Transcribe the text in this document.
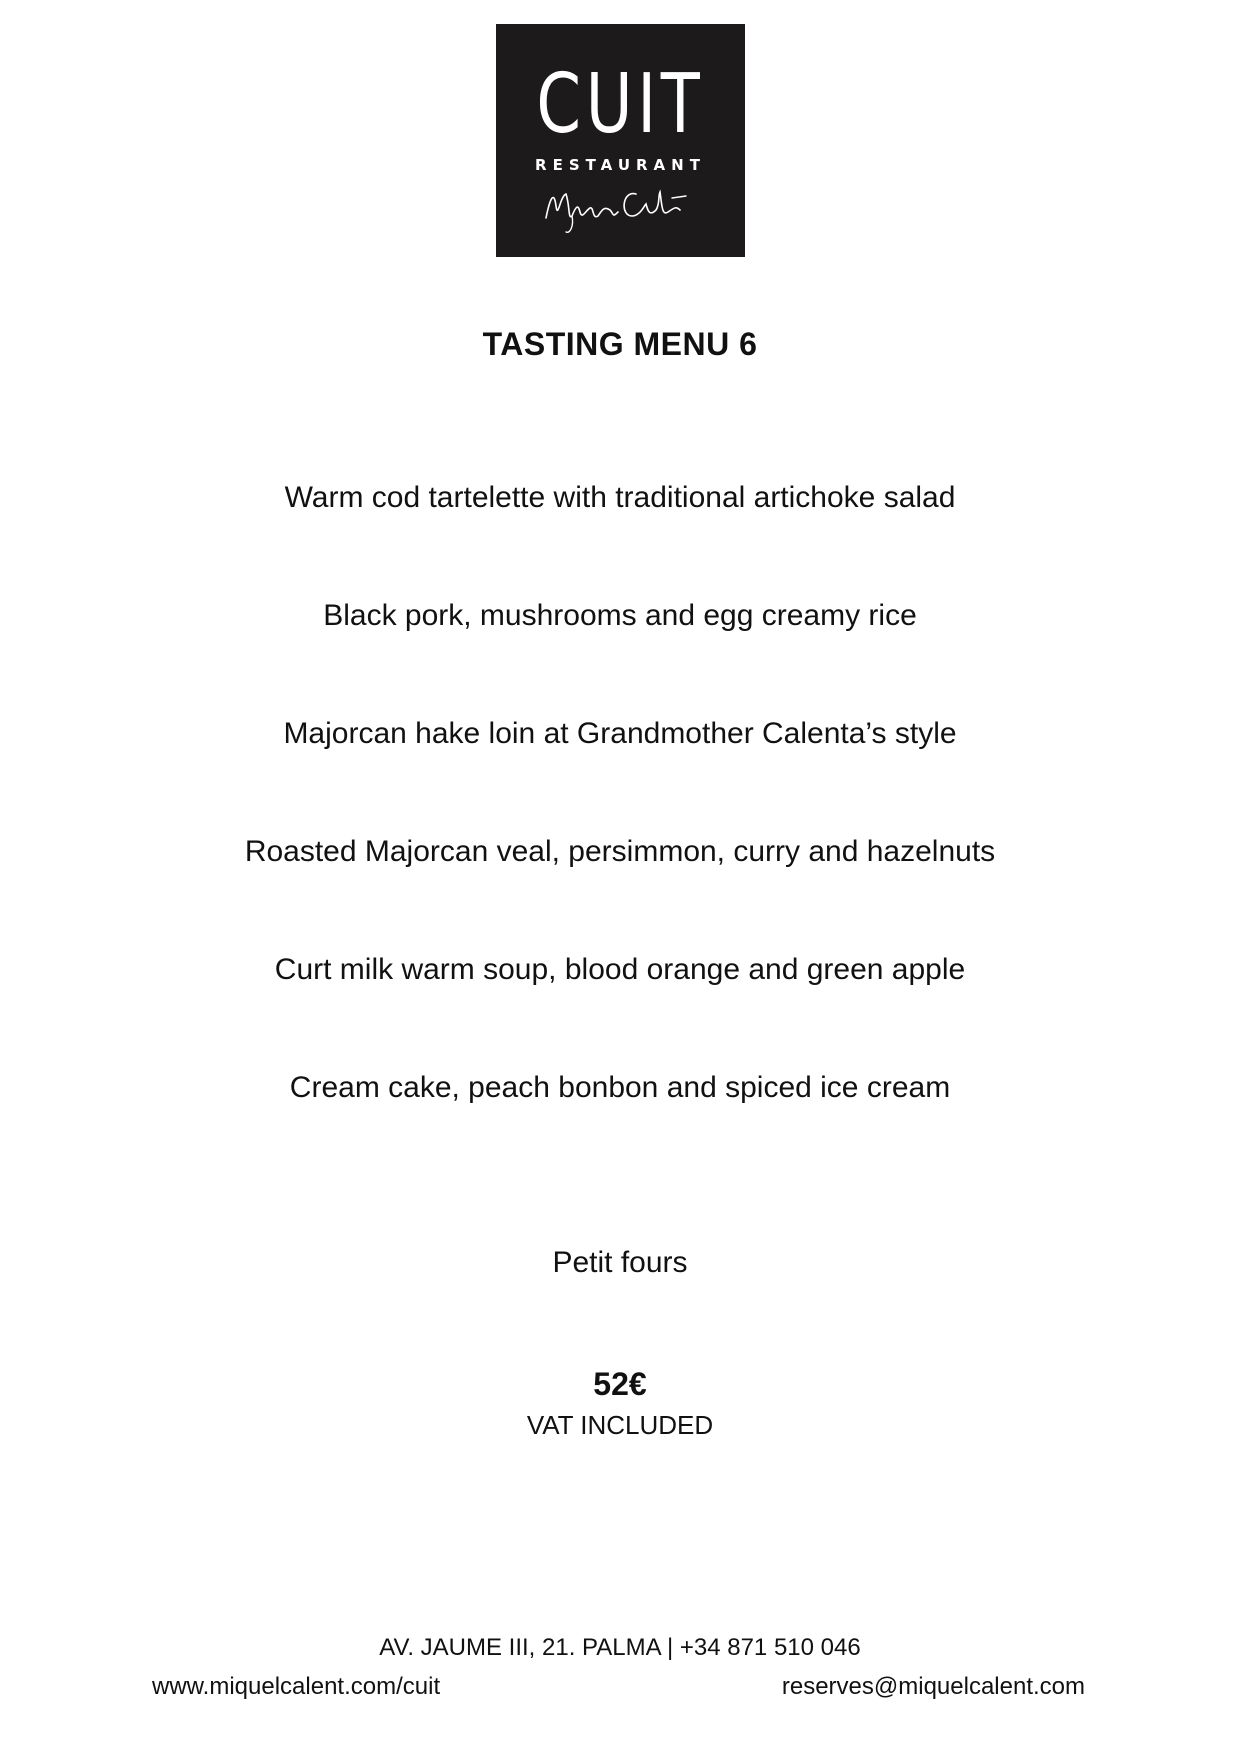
CUIT
RESTAURANT
TASTING MENU 6
Warm cod tartelette with traditional artichoke salad
Black pork, mushrooms and egg creamy rice
Majorcan hake loin at Grandmother Calenta’s style
Roasted Majorcan veal, persimmon, curry and hazelnuts
Curt milk warm soup, blood orange and green apple
Cream cake, peach bonbon and spiced ice cream
Petit fours
52€
VAT INCLUDED
AV. JAUME III, 21. PALMA | +34 871 510 046
www.miquelcalent.com/cuit	reserves@miquelcalent.com
